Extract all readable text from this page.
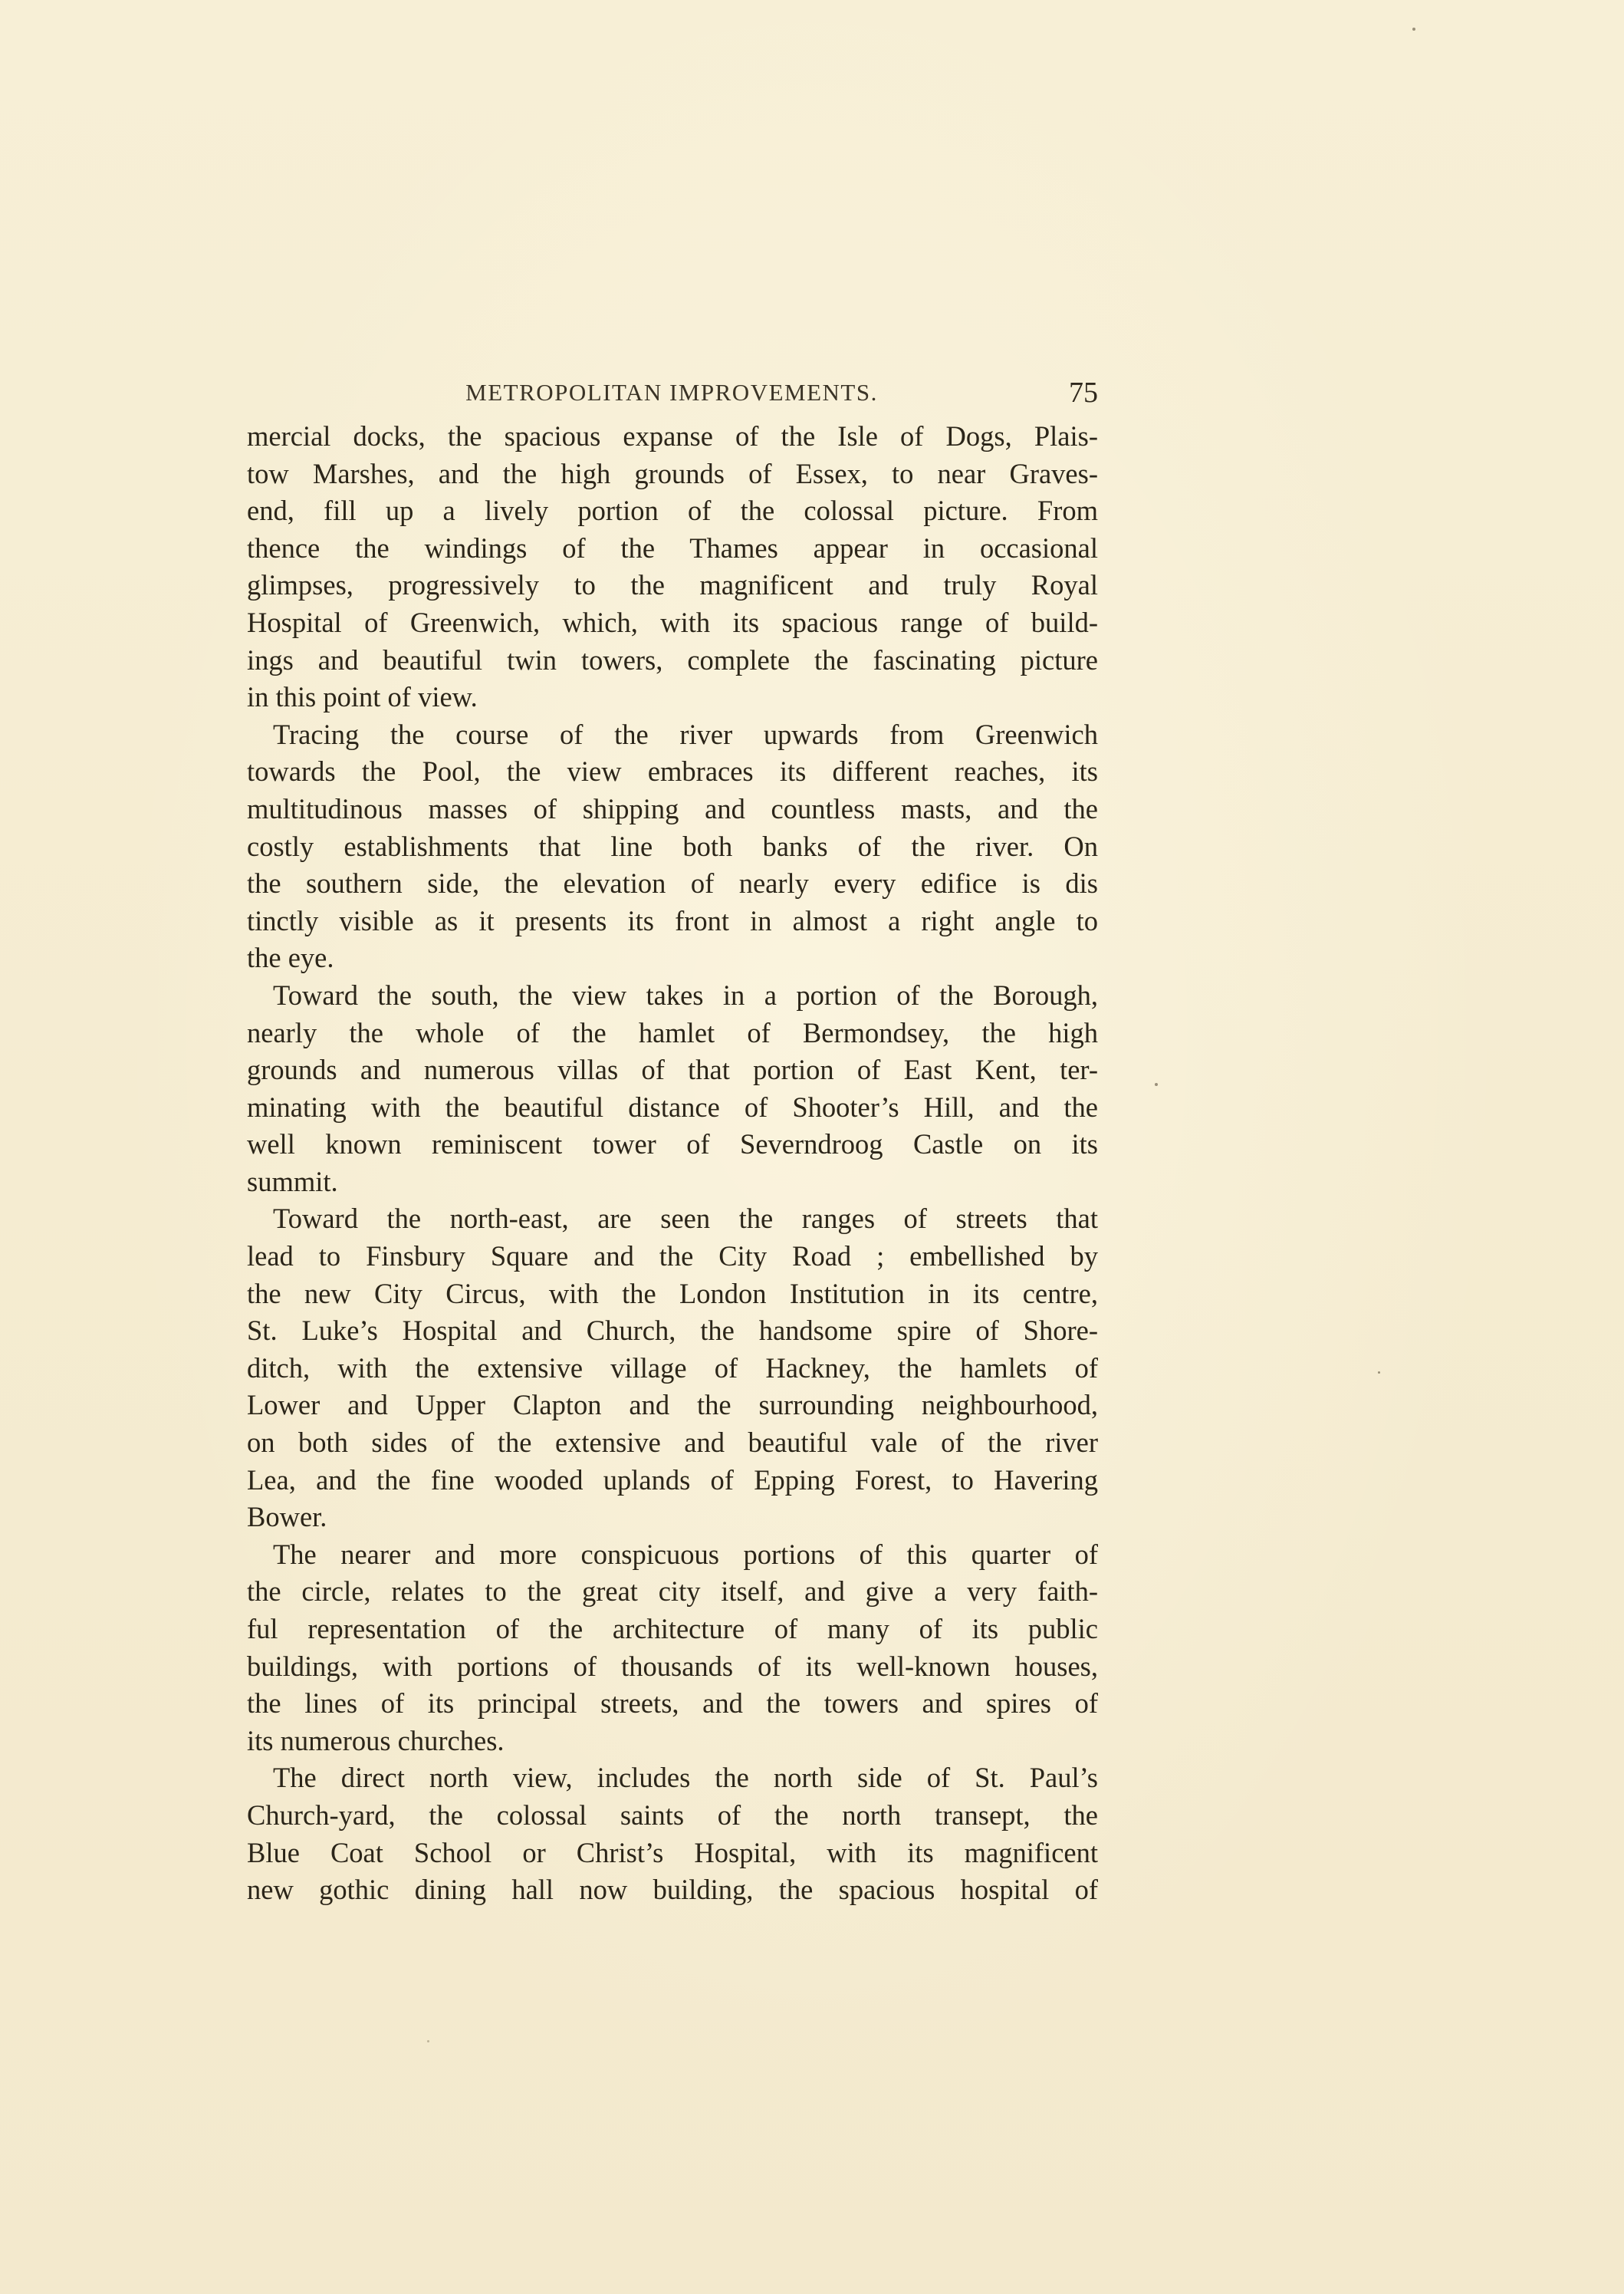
METROPOLITAN IMPROVEMENTS.	75
mercial docks, the spacious expanse of the Isle of Dogs, Plais-
tow Marshes, and the high grounds of Essex, to near Graves-
end, fill up a lively portion of the colossal picture. From
thence the windings of the Thames appear in occasional
glimpses, progressively to the magnificent and truly Royal
Hospital of Greenwich, which, with its spacious range of build-
ings and beautiful twin towers, complete the fascinating picture
in this point of view.
Tracing the course of the river upwards from Greenwich
towards the Pool, the view embraces its different reaches, its
multitudinous masses of shipping and countless masts, and the
costly establishments that line both banks of the river. On
the southern side, the elevation of nearly every edifice is dis
tinctly visible as it presents its front in almost a right angle to
the eye.
Toward the south, the view takes in a portion of the Borough,
nearly the whole of the hamlet of Bermondsey, the high
grounds and numerous villas of that portion of East Kent, ter-
minating with the beautiful distance of Shooter’s Hill, and the
well known reminiscent tower of Severndroog Castle on its
summit.
Toward the north-east, are seen the ranges of streets that
lead to Finsbury Square and the City Road ; embellished by
the new City Circus, with the London Institution in its centre,
St. Luke’s Hospital and Church, the handsome spire of Shore-
ditch, with the extensive village of Hackney, the hamlets of
Lower and Upper Clapton and the surrounding neighbourhood,
on both sides of the extensive and beautiful vale of the river
Lea, and the fine wooded uplands of Epping Forest, to Havering
Bower.
The nearer and more conspicuous portions of this quarter of
the circle, relates to the great city itself, and give a very faith-
ful representation of the architecture of many of its public
buildings, with portions of thousands of its well-known houses,
the lines of its principal streets, and the towers and spires of
its numerous churches.
The direct north view, includes the north side of St. Paul’s
Church-yard, the colossal saints of the north transept, the
Blue Coat School or Christ’s Hospital, with its magnificent
new gothic dining hall now building, the spacious hospital of
